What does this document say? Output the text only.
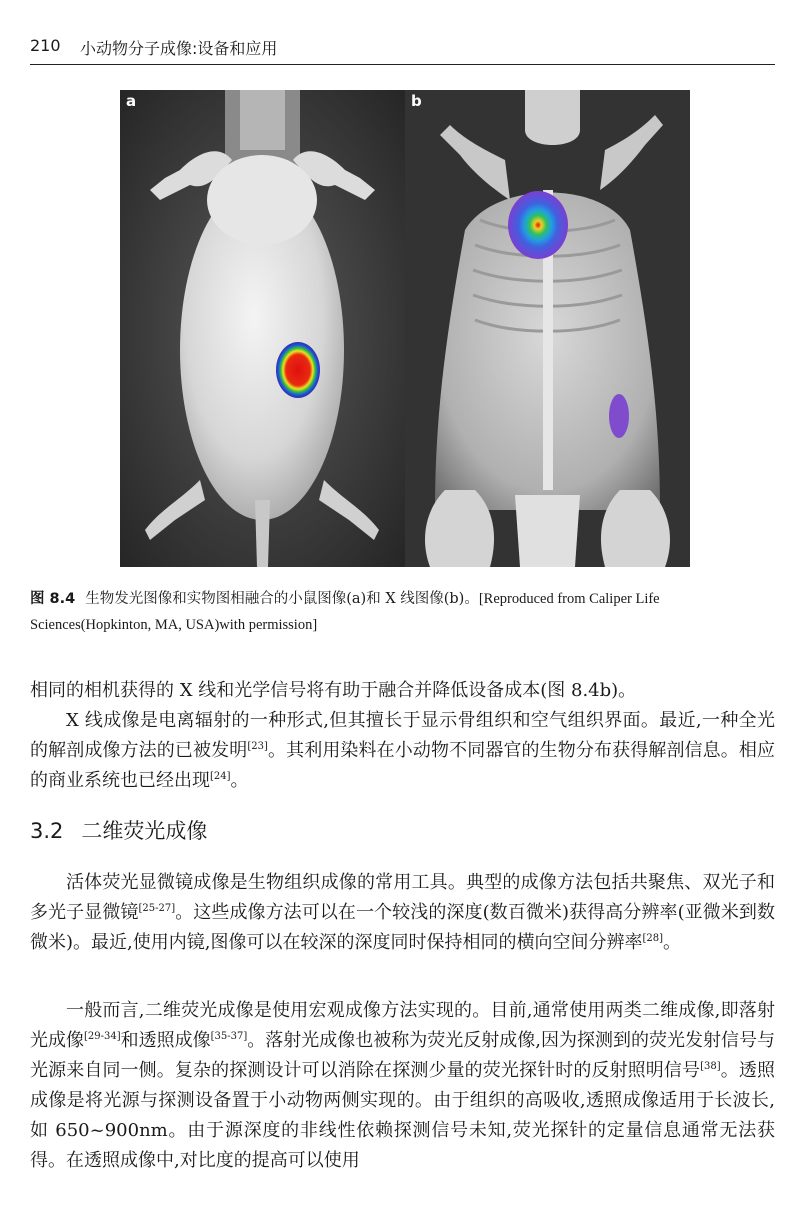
210 小动物分子成像:设备和应用
a	b
图 8.4 生物发光图像和实物图相融合的小鼠图像(a)和 X 线图像(b)。[Reproduced from Caliper Life Sciences(Hopkinton, MA, USA)with permission]
相同的相机获得的 X 线和光学信号将有助于融合并降低设备成本(图 8.4b)。
X 线成像是电离辐射的一种形式,但其擅长于显示骨组织和空气组织界面。最近,一种全光的解剖成像方法的已被发明[23]。其利用染料在小动物不同器官的生物分布获得解剖信息。相应的商业系统也已经出现[24]。
3.2 二维荧光成像
活体荧光显微镜成像是生物组织成像的常用工具。典型的成像方法包括共聚焦、双光子和多光子显微镜[25-27]。这些成像方法可以在一个较浅的深度(数百微米)获得高分辨率(亚微米到数微米)。最近,使用内镜,图像可以在较深的深度同时保持相同的横向空间分辨率[28]。
一般而言,二维荧光成像是使用宏观成像方法实现的。目前,通常使用两类二维成像,即落射光成像[29-34]和透照成像[35-37]。落射光成像也被称为荧光反射成像,因为探测到的荧光发射信号与光源来自同一侧。复杂的探测设计可以消除在探测少量的荧光探针时的反射照明信号[38]。透照成像是将光源与探测设备置于小动物两侧实现的。由于组织的高吸收,透照成像适用于长波长,如 650~900nm。由于源深度的非线性依赖探测信号未知,荧光探针的定量信息通常无法获得。在透照成像中,对比度的提高可以使用
